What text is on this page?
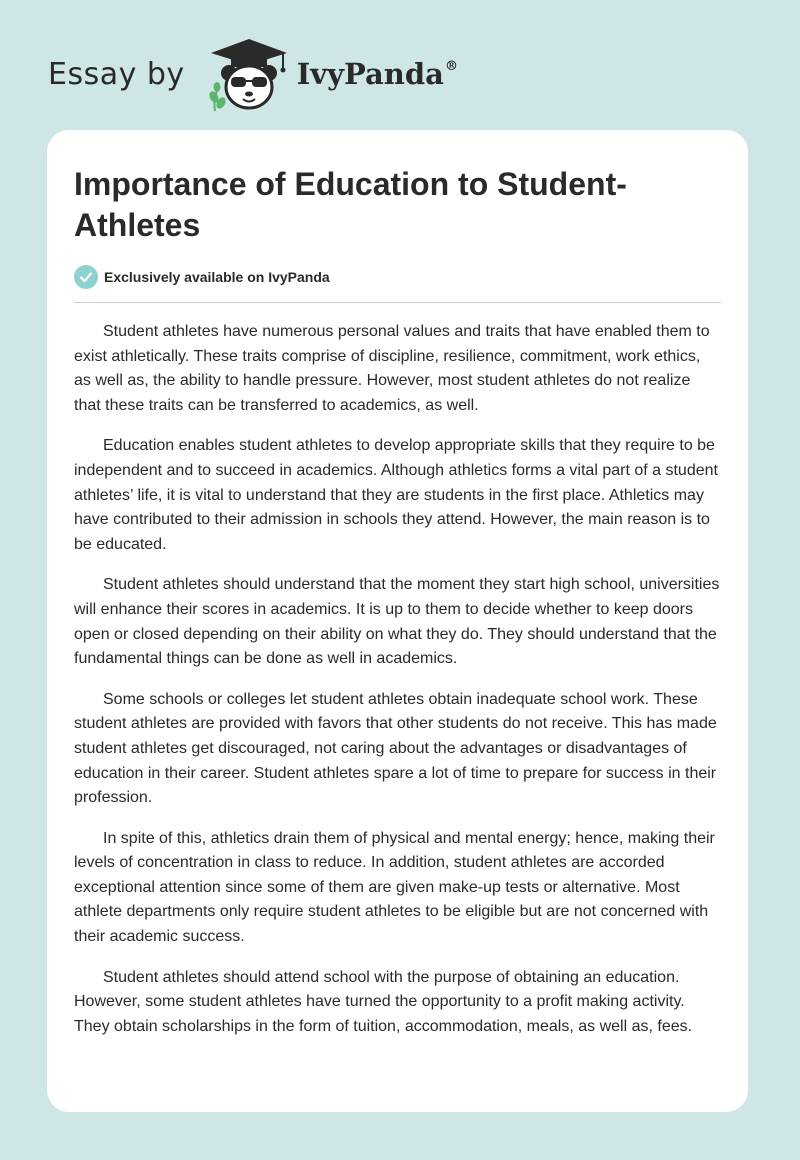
Essay by	IvyPanda®
Importance of Education to Student-Athletes
Exclusively available on IvyPanda

Student athletes have numerous personal values and traits that have enabled them to exist athletically. These traits comprise of discipline, resilience, commitment, work ethics, as well as, the ability to handle pressure. However, most student athletes do not realize that these traits can be transferred to academics, as well.

Education enables student athletes to develop appropriate skills that they require to be independent and to succeed in academics. Although athletics forms a vital part of a student athletes’ life, it is vital to understand that they are students in the first place. Athletics may have contributed to their admission in schools they attend. However, the main reason is to be educated.

Student athletes should understand that the moment they start high school, universities will enhance their scores in academics. It is up to them to decide whether to keep doors open or closed depending on their ability on what they do. They should understand that the fundamental things can be done as well in academics.

Some schools or colleges let student athletes obtain inadequate school work. These student athletes are provided with favors that other students do not receive. This has made student athletes get discouraged, not caring about the advantages or disadvantages of education in their career. Student athletes spare a lot of time to prepare for success in their profession.

In spite of this, athletics drain them of physical and mental energy; hence, making their levels of concentration in class to reduce. In addition, student athletes are accorded exceptional attention since some of them are given make-up tests or alternative. Most athlete departments only require student athletes to be eligible but are not concerned with their academic success.

Student athletes should attend school with the purpose of obtaining an education. However, some student athletes have turned the opportunity to a profit making activity. They obtain scholarships in the form of tuition, accommodation, meals, as well as, fees.
